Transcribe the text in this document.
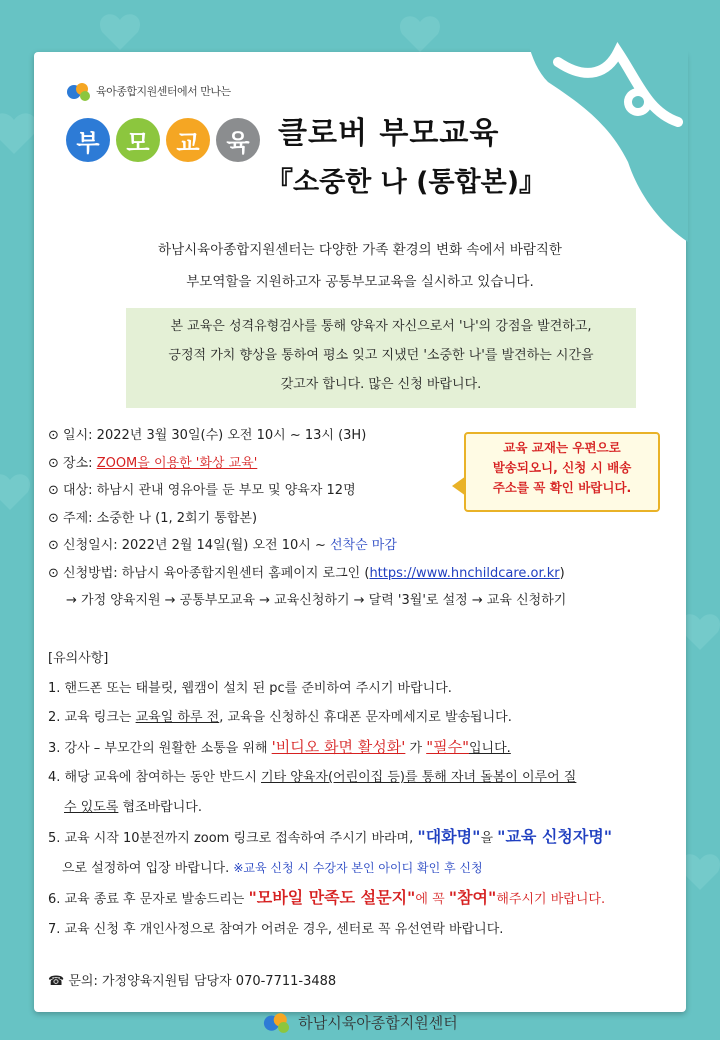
육아종합지원센터에서 만나는
부	모	교	육 클로버 부모교육
『소중한 나 (통합본)』
하남시육아종합지원센터는 다양한 가족 환경의 변화 속에서 바람직한
부모역할을 지원하고자 공통부모교육을 실시하고 있습니다.
본 교육은 성격유형검사를 통해 양육자 자신으로서 '나'의 강점을 발견하고,
긍정적 가치 향상을 통하여 평소 잊고 지냈던 '소중한 나'를 발견하는 시간을
갖고자 합니다. 많은 신청 바랍니다.
⊙ 일시: 2022년 3월 30일(수) 오전 10시 ~ 13시 (3H)
⊙ 장소: ZOOM을 이용한 '화상 교육'
⊙ 대상: 하남시 관내 영유아를 둔 부모 및 양육자 12명
⊙ 주제: 소중한 나 (1, 2회기 통합본)
⊙ 신청일시: 2022년 2월 14일(월) 오전 10시 ~ 선착순 마감
⊙ 신청방법: 하남시 육아종합지원센터 홈페이지 로그인 (https://www.hnchildcare.or.kr)
→ 가정 양육지원 → 공통부모교육 → 교육신청하기 → 달력 '3월'로 설정 → 교육 신청하기
교육 교재는 우편으로
발송되오니, 신청 시 배송
주소를 꼭 확인 바랍니다.
[유의사항]
1. 핸드폰 또는 태블릿, 웹캠이 설치 된 pc를 준비하여 주시기 바랍니다.
2. 교육 링크는 교육일 하루 전, 교육을 신청하신 휴대폰 문자메세지로 발송됩니다.
3. 강사 – 부모간의 원활한 소통을 위해 '비디오 화면 활성화' 가 "필수"입니다.
4. 해당 교육에 참여하는 동안 반드시 기타 양육자(어린이집 등)를 통해 자녀 돌봄이 이루어 질
수 있도록 협조바랍니다.
5. 교육 시작 10분전까지 zoom 링크로 접속하여 주시기 바라며, "대화명"을 "교육 신청자명"
으로 설정하여 입장 바랍니다. ※교육 신청 시 수강자 본인 아이디 확인 후 신청
6. 교육 종료 후 문자로 발송드리는 "모바일 만족도 설문지"에 꼭 "참여"해주시기 바랍니다.
7. 교육 신청 후 개인사정으로 참여가 어려운 경우, 센터로 꼭 유선연락 바랍니다.
☎ 문의: 가정양육지원팀 담당자 070-7711-3488
하남시육아종합지원센터
